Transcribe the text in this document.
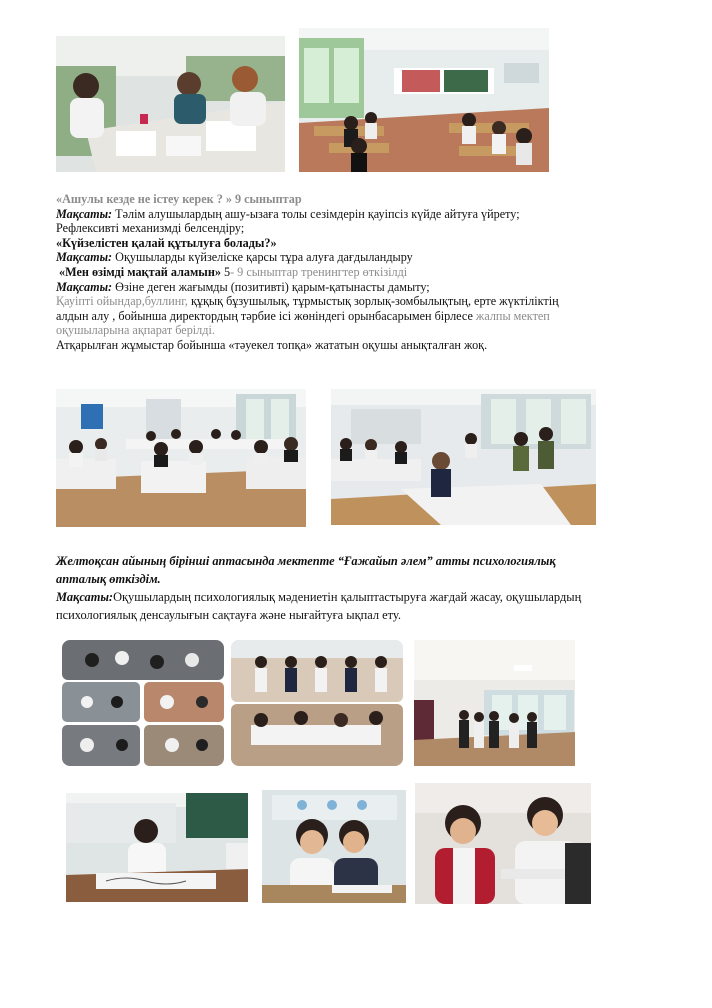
«Ашулы кезде не істеу керек ? » 9 сыныптар
Мақсаты: Тәлім алушылардың ашу-ызаға толы сезімдерін қауіпсіз күйде айтуға үйрету;
Рефлексивті механизмді белсендіру;
«Күйзелістен қалай құтылуға болады?»
Мақсаты: Оқушыларды күйзеліске қарсы тұра алуға дағдыландыру
«Мен өзімді мақтай аламын» 5- 9 сыныптар тренингтер өткізілді
Мақсаты: Өзіне деген жағымды (позитивті) қарым-қатынасты дамыту;
Қауіпті ойындар,буллинг, құқық бұзушылық, тұрмыстық зорлық-зомбылықтың, ерте жүктіліктің
алдын алу , бойынша директордың тәрбие ісі жөніндегі орынбасарымен бірлесе жалпы мектеп
оқушыларына ақпарат берілді.
Атқарылған жұмыстар бойынша «тәуекел топқа» жататын оқушы анықталған жоқ.
Желтоқсан айының бірінші аптасында мектепте “Ғажайып әлем” атты психологиялық
апталық өткіздім.
Мақсаты:Оқушылардың психологиялық мәдениетін қалыптастыруға жағдай жасау, оқушылардың
психологиялық денсаулығын сақтауға және нығайтуға ықпал ету.
